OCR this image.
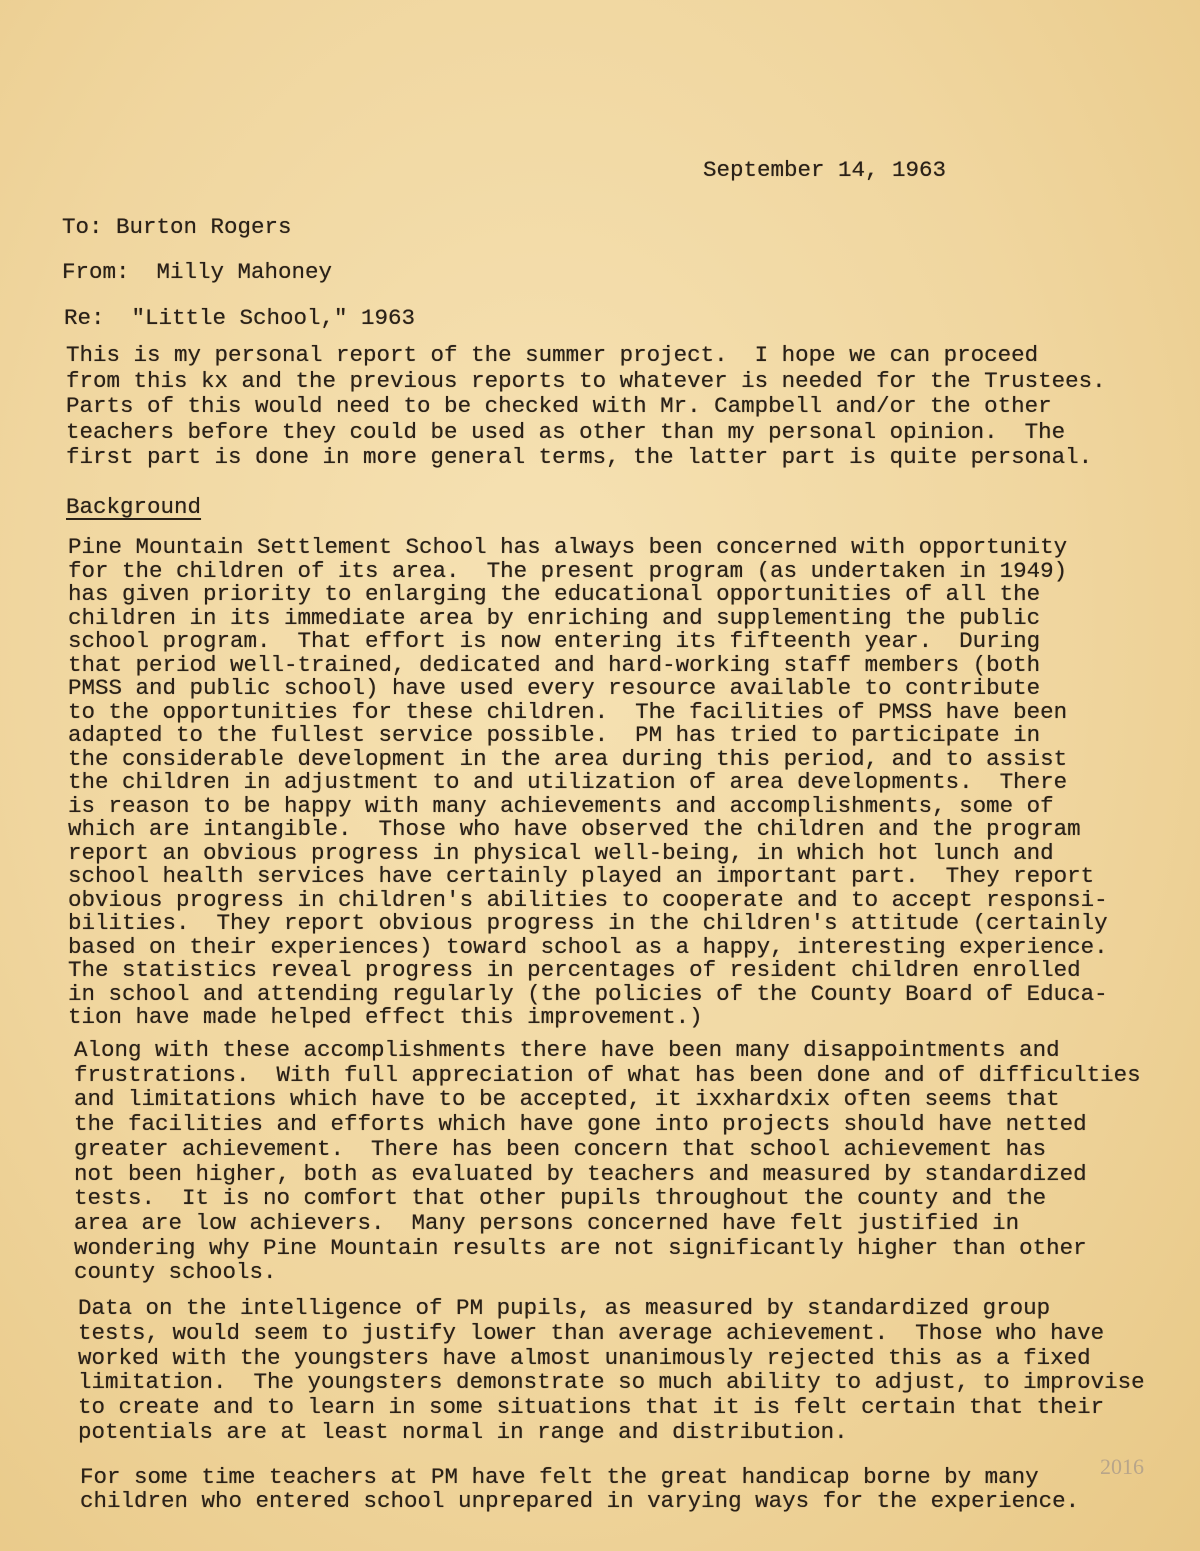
September 14, 1963
To: Burton Rogers
From:  Milly Mahoney
Re:  "Little School," 1963
This is my personal report of the summer project.  I hope we can proceed
from this kx and the previous reports to whatever is needed for the Trustees.
Parts of this would need to be checked with Mr. Campbell and/or the other
teachers before they could be used as other than my personal opinion.  The
first part is done in more general terms, the latter part is quite personal.
Background
Pine Mountain Settlement School has always been concerned with opportunity
for the children of its area.  The present program (as undertaken in 1949)
has given priority to enlarging the educational opportunities of all the
children in its immediate area by enriching and supplementing the public
school program.  That effort is now entering its fifteenth year.  During
that period well-trained, dedicated and hard-working staff members (both
PMSS and public school) have used every resource available to contribute
to the opportunities for these children.  The facilities of PMSS have been
adapted to the fullest service possible.  PM has tried to participate in
the considerable development in the area during this period, and to assist
the children in adjustment to and utilization of area developments.  There
is reason to be happy with many achievements and accomplishments, some of
which are intangible.  Those who have observed the children and the program
report an obvious progress in physical well-being, in which hot lunch and
school health services have certainly played an important part.  They report
obvious progress in children's abilities to cooperate and to accept responsi-
bilities.  They report obvious progress in the children's attitude (certainly
based on their experiences) toward school as a happy, interesting experience.
The statistics reveal progress in percentages of resident children enrolled
in school and attending regularly (the policies of the County Board of Educa-
tion have made helped effect this improvement.)
Along with these accomplishments there have been many disappointments and
frustrations.  With full appreciation of what has been done and of difficulties
and limitations which have to be accepted, it ixxhardxix often seems that
the facilities and efforts which have gone into projects should have netted
greater achievement.  There has been concern that school achievement has
not been higher, both as evaluated by teachers and measured by standardized
tests.  It is no comfort that other pupils throughout the county and the
area are low achievers.  Many persons concerned have felt justified in
wondering why Pine Mountain results are not significantly higher than other
county schools.
Data on the intelligence of PM pupils, as measured by standardized group
tests, would seem to justify lower than average achievement.  Those who have
worked with the youngsters have almost unanimously rejected this as a fixed
limitation.  The youngsters demonstrate so much ability to adjust, to improvise
to create and to learn in some situations that it is felt certain that their
potentials are at least normal in range and distribution.
For some time teachers at PM have felt the great handicap borne by many
children who entered school unprepared in varying ways for the experience.
2016
